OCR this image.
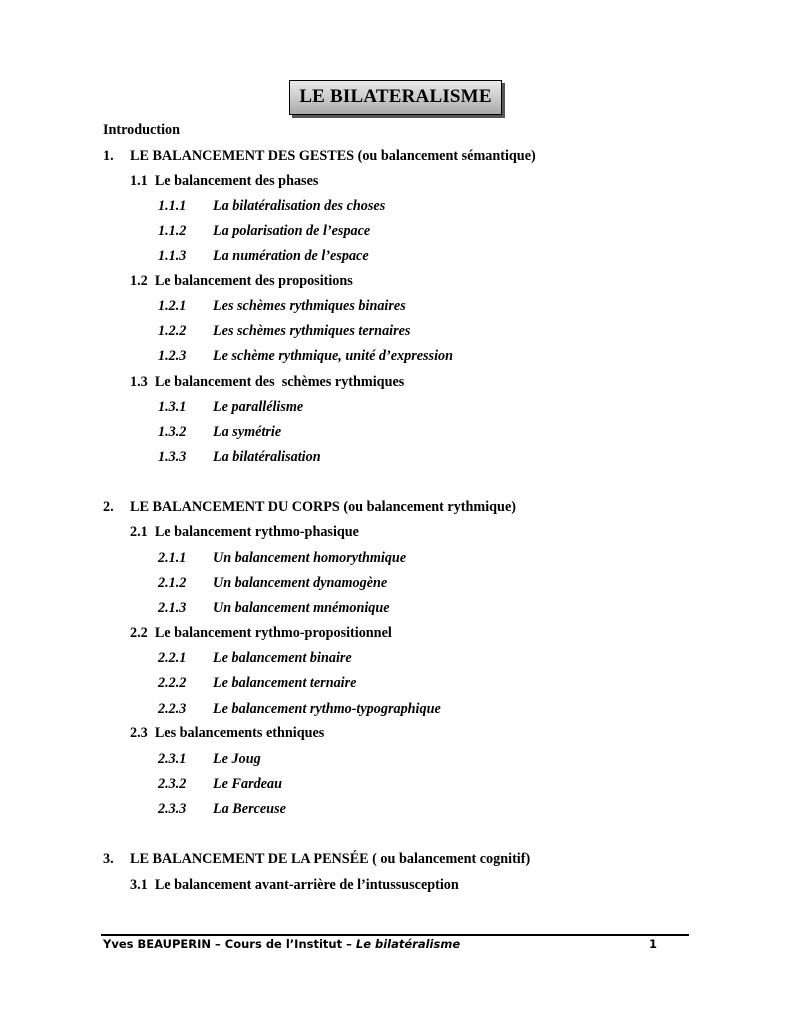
LE BILATERALISME
Introduction
1. LE BALANCEMENT DES GESTES (ou balancement sémantique)
1.1  Le balancement des phases
1.1.1 La bilatéralisation des choses
1.1.2 La polarisation de l’espace
1.1.3 La numération de l’espace
1.2  Le balancement des propositions
1.2.1 Les schèmes rythmiques binaires
1.2.2 Les schèmes rythmiques ternaires
1.2.3 Le schème rythmique, unité d’expression
1.3  Le balancement des  schèmes rythmiques
1.3.1 Le parallélisme
1.3.2 La symétrie
1.3.3 La bilatéralisation
2. LE BALANCEMENT DU CORPS (ou balancement rythmique)
2.1  Le balancement rythmo-phasique
2.1.1 Un balancement homorythmique
2.1.2 Un balancement dynamogène
2.1.3 Un balancement mnémonique
2.2  Le balancement rythmo-propositionnel
2.2.1 Le balancement binaire
2.2.2 Le balancement ternaire
2.2.3 Le balancement rythmo-typographique
2.3  Les balancements ethniques
2.3.1 Le Joug
2.3.2 Le Fardeau
2.3.3 La Berceuse
3. LE BALANCEMENT DE LA PENSÉE ( ou balancement cognitif)
3.1  Le balancement avant-arrière de l’intussusception
Yves BEAUPERIN – Cours de l’Institut – Le bilatéralisme	1
